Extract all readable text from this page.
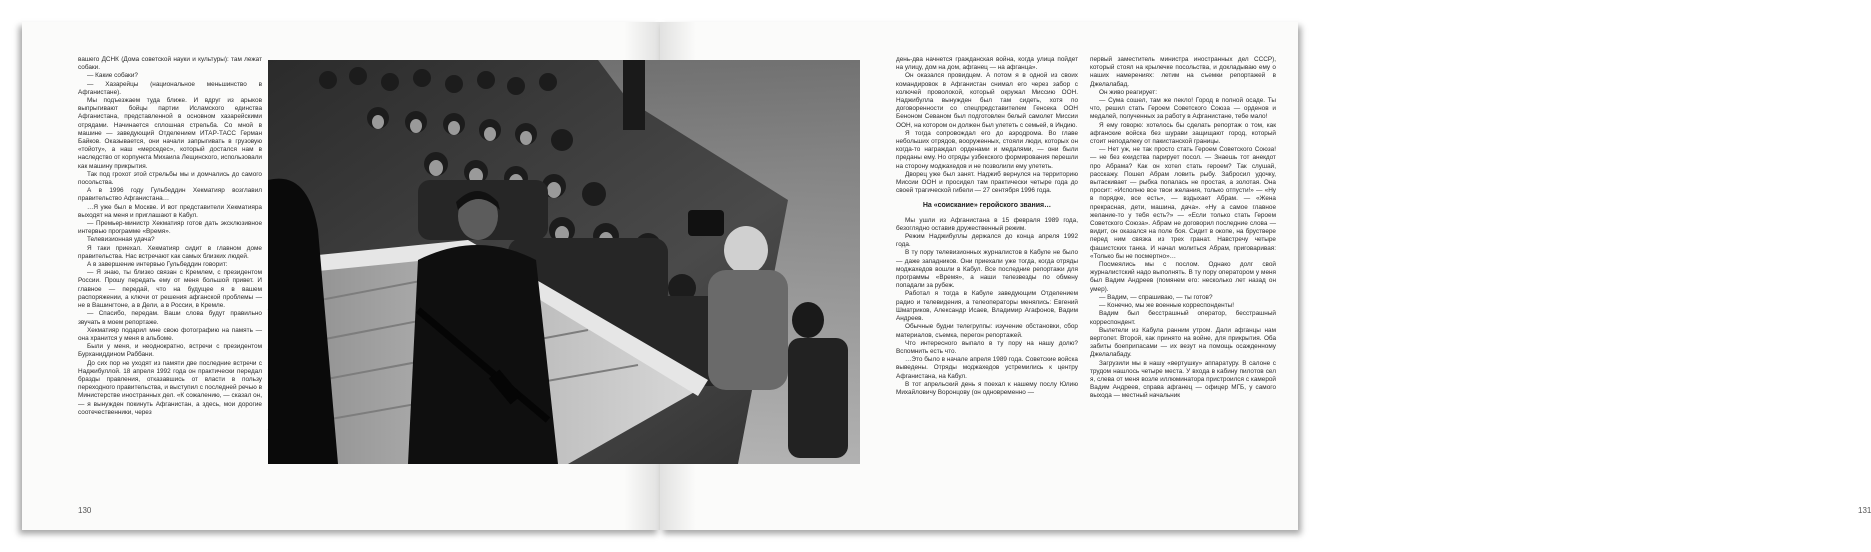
вашего ДСНК (Дома советской науки и культуры): там лежат собаки.

— Какие собаки?

— Хазарейцы (национальное меньшинство в Афганистане).

Мы подъезжаем туда ближе. И вдруг из арыков выпрыгивают бойцы партии Исламского единства Афганистана, представленной в основном хазарейскими отрядами. Начинается сплошная стрельба. Со мной в машине — заведующий Отделением ИТАР-ТАСС Герман Байков. Оказывается, они начали запрыгивать в грузовую «тойоту», а наш «мерседес», который достался нам в наследство от корпункта Михаила Лещинского, использовали как машину прикрытия.

Так под грохот этой стрельбы мы и домчались до самого посольства.

А в 1996 году Гульбеддин Хекматияр возглавил правительство Афганистана…

…Я уже был в Москве. И вот представители Хекматияра выходят на меня и приглашают в Кабул.

— Премьер-министр Хекматияр готов дать эксклюзивное интервью программе «Время».

Телевизионная удача?

Я таки приехал. Хекматияр сидит в главном доме правительства. Нас встречают как самых близких людей.

А в завершение интервью Гульбеддин говорит:

— Я знаю, ты близко связан с Кремлем, с президентом России. Прошу передать ему от меня большой привет. И главное — передай, что на будущее я в вашем распоряжении, а ключи от решения афганской проблемы — не в Вашингтоне, а в Дели, а в России, в Кремле.

— Спасибо, передам. Ваши слова будут правильно звучать в моем репортаже.

Хекматияр подарил мне свою фотографию на память — она хранится у меня в альбоме.

Были у меня, и неоднократно, встречи с президентом Бурханиддином Раббани.

До сих пор не уходят из памяти две последние встречи с Наджибуллой. 18 апреля 1992 года он практически передал бразды правления, отказавшись от власти в пользу переходного правительства, и выступил с последней речью в Министерстве иностранных дел. «К сожалению, — сказал он, — я вынужден покинуть Афганистан, а здесь, мои дорогие соотечественники, через

130

день-два начнется гражданская война, когда улица пойдет на улицу, дом на дом, афганец — на афганца».

Он оказался провидцем. А потом я в одной из своих командировок в Афганистан снимал его через забор с колючей проволокой, который окружал Миссию ООН. Наджибулла вынужден был там сидеть, хотя по договоренности со спецпредставителем Генсека ООН Беноном Севаном был подготовлен белый самолет Миссии ООН, на котором он должен был улететь с семьей, в Индию.

Я тогда сопровождал его до аэродрома. Во главе небольших отрядов, вооруженных, стояли люди, которых он когда-то награждал орденами и медалями, — они были преданы ему. Но отряды узбекского формирования перешли на сторону моджахедов и не позволили ему улететь.

Дворец уже был занят. Наджиб вернулся на территорию Миссии ООН и просидел там практически четыре года до своей трагической гибели — 27 сентября 1996 года.

На «соискание» геройского звания…

Мы ушли из Афганистана в 15 февраля 1989 года, безоглядно оставив дружественный режим.

Режим Наджибуллы держался до конца апреля 1992 года.

В ту пору телевизионных журналистов в Кабуле не было — даже западников. Они приехали уже тогда, когда отряды моджахедов вошли в Кабул. Все последние репортажи для программы «Время», а наши телезвезды по обмену попадали за рубеж.

Работал я тогда в Кабуле заведующим Отделением радио и телевидения, а телеоператоры менялись: Евгений Шматриков, Александр Исаев, Владимир Агафонов, Вадим Андреев.

Обычные будни телегруппы: изучение обстановки, сбор материалов, съемка, перегон репортажей.

Что интересного выпало в ту пору на нашу долю? Вспомнить есть что.

…Это было в начале апреля 1989 года. Советские войска выведены. Отряды моджахедов устремились к центру Афганистана, на Кабул.

В тот апрельский день я поехал к нашему послу Юлию Михайловичу Воронцову (он одновременно —

первый заместитель министра иностранных дел СССР), который стоял на крылечке посольства, и докладываю ему о наших намерениях: летим на съемки репортажей в Джелалабад.

Он живо реагирует:

— Сума сошел, там же пекло! Город в полной осаде. Ты что, решил стать Героем Советского Союза — орденов и медалей, полученных за работу в Афганистане, тебе мало!

Я ему говорю: хотелось бы сделать репортаж о том, как афганские войска без шурави защищают город, который стоит неподалеку от пакистанской границы.

— Нет уж, не так просто стать Героем Советского Союза! — не без ехидства парирует посол. — Знаешь тот анекдот про Абрама? Как он хотел стать героем? Так слушай, расскажу. Пошел Абрам ловить рыбу. Забросил удочку, вытаскивает — рыбка попалась не простая, а золотая. Она просит: «Исполню все твои желания, только отпусти!» — «Ну в порядке, все есть», — вздыхает Абрам. — «Жена прекрасная, дети, машина, дача». «Ну а самое главное желание-то у тебя есть?» — «Если только стать Героем Советского Союза». Абрам не договорил последние слова — видит, он оказался на поле боя. Сидит в окопе, на бруствере перед ним связка из трех гранат. Навстречу четыре фашистских танка. И начал молиться Абрам, приговаривая: «Только бы не посмертно»…

Посмеялись мы с послом. Однако долг свой журналистский надо выполнять. В ту пору оператором у меня был Вадим Андреев (помянем его: несколько лет назад он умер).

— Вадим, — спрашиваю, — ты готов?

— Конечно, мы же военные корреспонденты!

Вадим был бесстрашный оператор, бесстрашный корреспондент.

Вылетели из Кабула ранним утром. Дали афганцы нам вертолет. Второй, как принято на войне, для прикрытия. Оба забиты боеприпасами — их везут на помощь осажденному Джелалабаду.

Загрузили мы в нашу «вертушку» аппаратуру. В салоне с трудом нашлось четыре места. У входа в кабину пилотов сел я, слева от меня возле иллюминатора пристроился с камерой Вадим Андреев, справа афганец — офицер МГБ, у самого выхода — местный начальник

131
